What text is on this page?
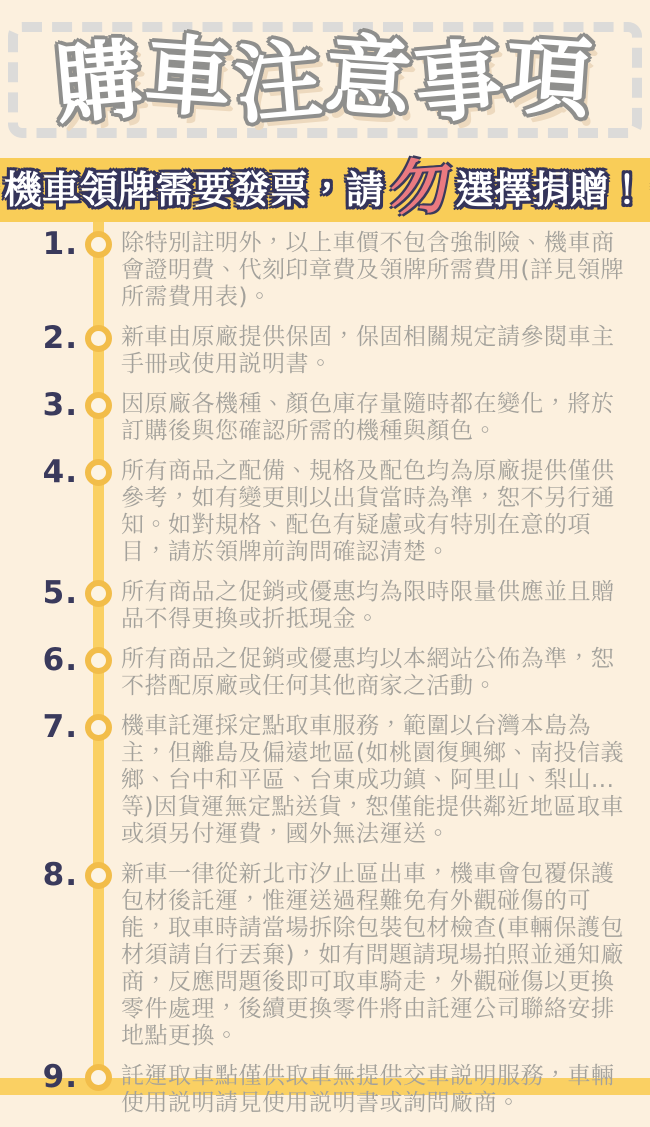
購車注意事項
機車領牌需要發票，請 勿 選擇捐贈！
1. 除特別註明外，以上車價不包含強制險、機車商會證明費、代刻印章費及領牌所需費用(詳見領牌所需費用表)。
2. 新車由原廠提供保固，保固相關規定請參閱車主手冊或使用説明書。
3. 因原廠各機種、顏色庫存量隨時都在變化，將於訂購後與您確認所需的機種與顏色。
4. 所有商品之配備、規格及配色均為原廠提供僅供參考，如有變更則以出貨當時為準，恕不另行通知。如對規格、配色有疑慮或有特別在意的項目，請於領牌前詢問確認清楚。
5. 所有商品之促銷或優惠均為限時限量供應並且贈品不得更換或折抵現金。
6. 所有商品之促銷或優惠均以本網站公佈為準，恕不搭配原廠或任何其他商家之活動。
7. 機車託運採定點取車服務，範圍以台灣本島為主，但離島及偏遠地區(如桃園復興鄉、南投信義鄉、台中和平區、台東成功鎮、阿里山、梨山...等)因貨運無定點送貨，恕僅能提供鄰近地區取車或須另付運費，國外無法運送。
8. 新車一律從新北市汐止區出車，機車會包覆保護包材後託運，惟運送過程難免有外觀碰傷的可能，取車時請當場拆除包裝包材檢查(車輛保護包材須請自行丟棄)，如有問題請現場拍照並通知廠商，反應問題後即可取車騎走，外觀碰傷以更換零件處理，後續更換零件將由託運公司聯絡安排地點更換。
9. 託運取車點僅供取車無提供交車説明服務，車輛使用説明請見使用説明書或詢問廠商。
